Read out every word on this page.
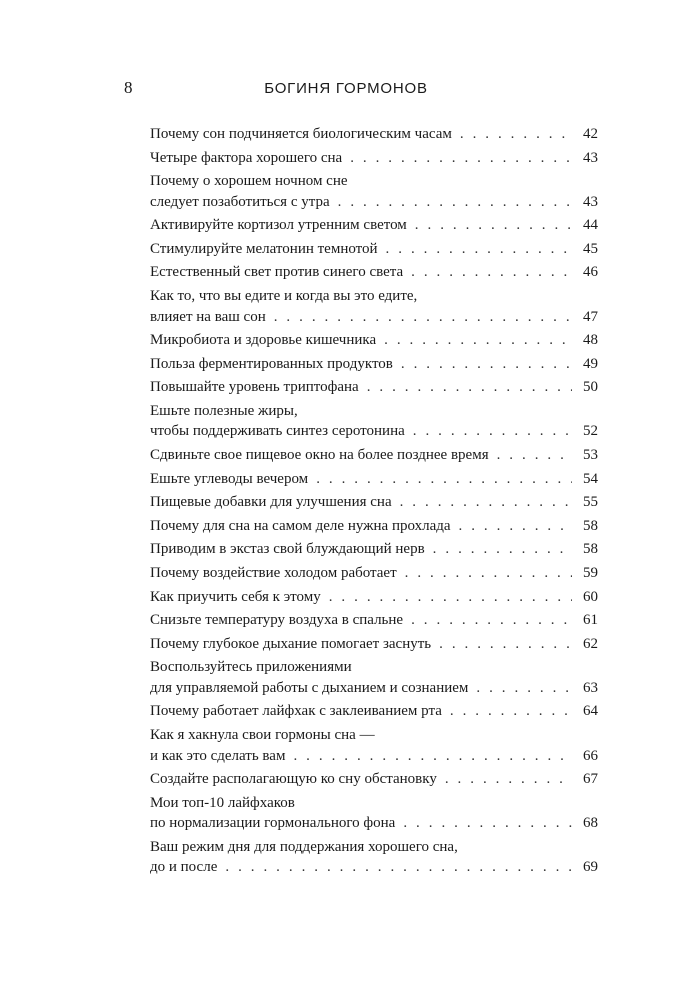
8	БОГИНЯ ГОРМОНОВ
Почему сон подчиняется биологическим часам . . .	42
Четыре фактора хорошего сна . . .	43
Почему о хорошем ночном сне
следует позаботиться с утра . . .	43
Активируйте кортизол утренним светом . . .	44
Стимулируйте мелатонин темнотой . . .	45
Естественный свет против синего света . . .	46
Как то, что вы едите и когда вы это едите,
влияет на ваш сон . . .	47
Микробиота и здоровье кишечника . . .	48
Польза ферментированных продуктов . . .	49
Повышайте уровень триптофана . . .	50
Ешьте полезные жиры,
чтобы поддерживать синтез серотонина . . .	52
Сдвиньте свое пищевое окно на более позднее время . . .	53
Ешьте углеводы вечером . . .	54
Пищевые добавки для улучшения сна . . .	55
Почему для сна на самом деле нужна прохлада . . .	58
Приводим в экстаз свой блуждающий нерв . . .	58
Почему воздействие холодом работает . . .	59
Как приучить себя к этому . . .	60
Снизьте температуру воздуха в спальне . . .	61
Почему глубокое дыхание помогает заснуть . . .	62
Воспользуйтесь приложениями
для управляемой работы с дыханием и сознанием . . .	63
Почему работает лайфхак с заклеиванием рта . . .	64
Как я хакнула свои гормоны сна —
и как это сделать вам . . .	66
Создайте располагающую ко сну обстановку . . .	67
Мои топ-10 лайфхаков
по нормализации гормонального фона . . .	68
Ваш режим дня для поддержания хорошего сна,
до и после . . .	69
